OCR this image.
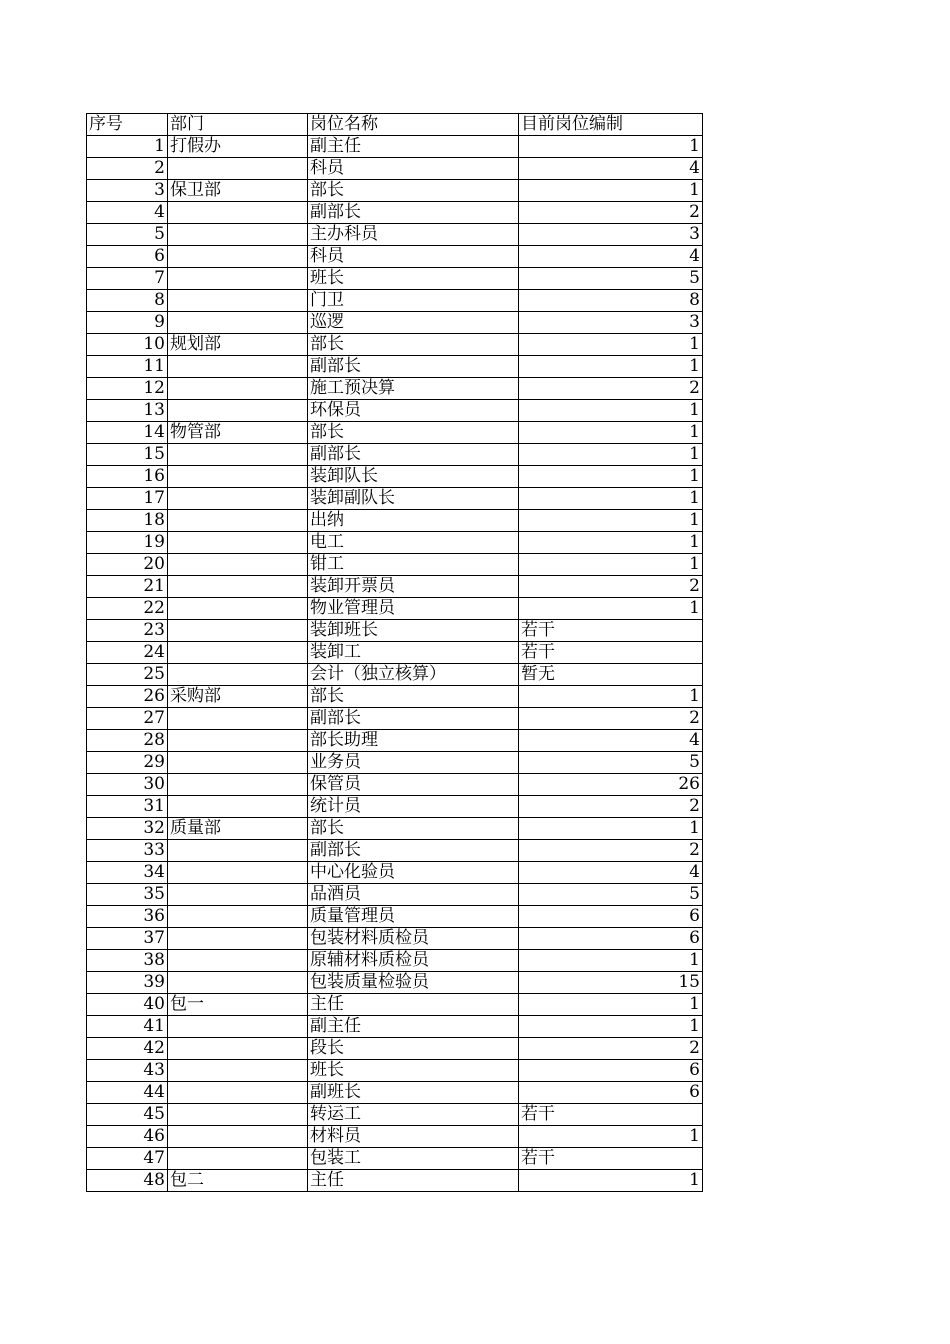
序号	部门	岗位名称	目前岗位编制
1	打假办	副主任	1
2		科员	4
3	保卫部	部长	1
4		副部长	2
5		主办科员	3
6		科员	4
7		班长	5
8		门卫	8
9		巡逻	3
10	规划部	部长	1
11		副部长	1
12		施工预决算	2
13		环保员	1
14	物管部	部长	1
15		副部长	1
16		装卸队长	1
17		装卸副队长	1
18		出纳	1
19		电工	1
20		钳工	1
21		装卸开票员	2
22		物业管理员	1
23		装卸班长	若干
24		装卸工	若干
25		会计（独立核算）	暂无
26	采购部	部长	1
27		副部长	2
28		部长助理	4
29		业务员	5
30		保管员	26
31		统计员	2
32	质量部	部长	1
33		副部长	2
34		中心化验员	4
35		品酒员	5
36		质量管理员	6
37		包装材料质检员	6
38		原辅材料质检员	1
39		包装质量检验员	15
40	包一	主任	1
41		副主任	1
42		段长	2
43		班长	6
44		副班长	6
45		转运工	若干
46		材料员	1
47		包装工	若干
48	包二	主任	1
